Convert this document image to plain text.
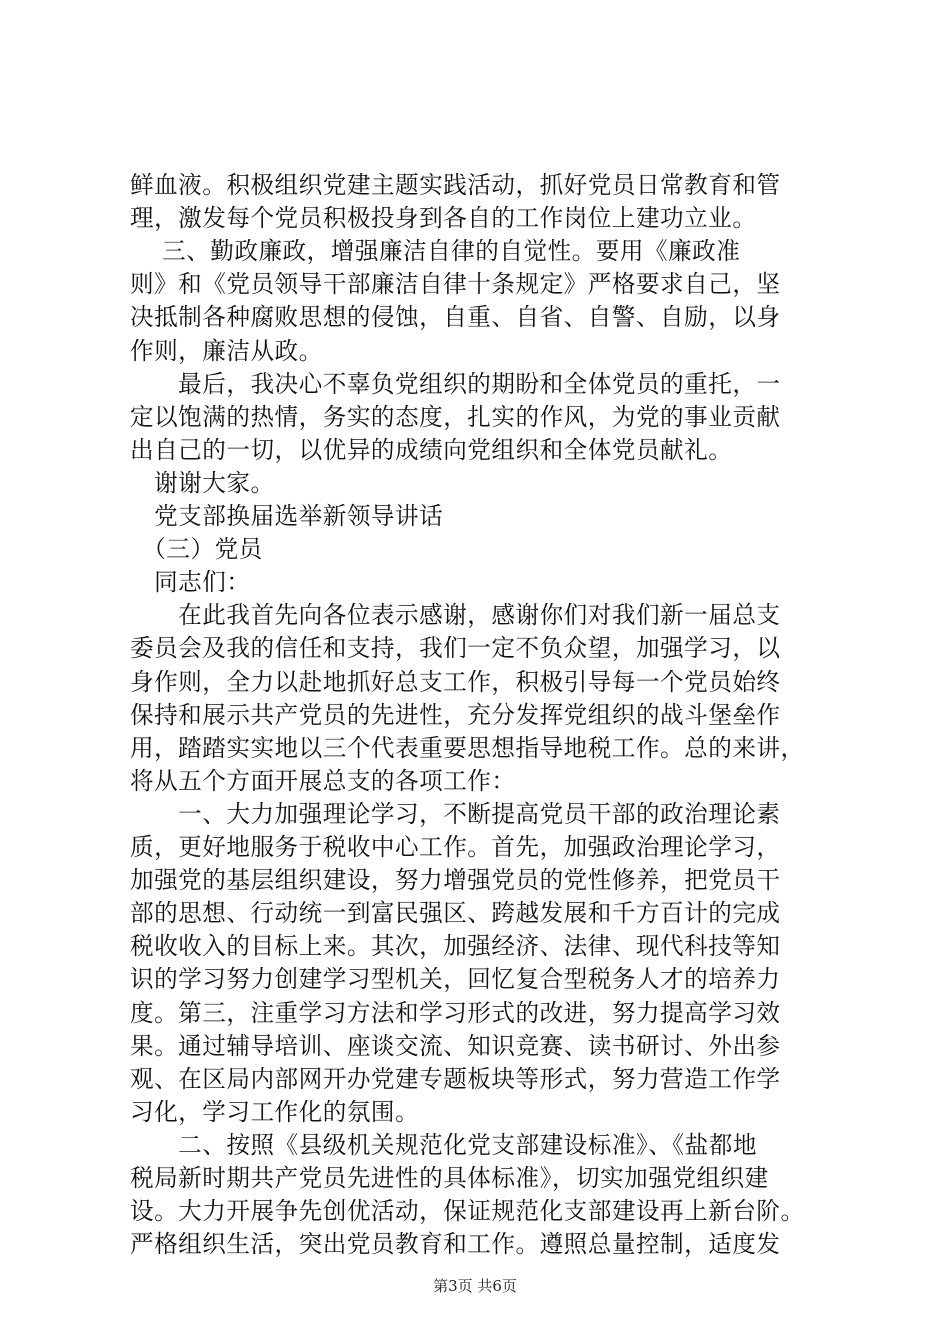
鲜血液。积极组织党建主题实践活动，抓好党员日常教育和管
理，激发每个党员积极投身到各自的工作岗位上建功立业。
　 三、勤政廉政，增强廉洁自律的自觉性。要用《廉政准
则》和《党员领导干部廉洁自律十条规定》严格要求自己，坚
决抵制各种腐败思想的侵蚀，自重、自省、自警、自励，以身
作则，廉洁从政。
　　最后，我决心不辜负党组织的期盼和全体党员的重托，一
定以饱满的热情，务实的态度，扎实的作风，为党的事业贡献
出自己的一切，以优异的成绩向党组织和全体党员献礼。
　谢谢大家。
　党支部换届选举新领导讲话
　（三）党员
　同志们：
　　在此我首先向各位表示感谢，感谢你们对我们新一届总支
委员会及我的信任和支持，我们一定不负众望，加强学习，以
身作则，全力以赴地抓好总支工作，积极引导每一个党员始终
保持和展示共产党员的先进性，充分发挥党组织的战斗堡垒作
用，踏踏实实地以三个代表重要思想指导地税工作。总的来讲，
将从五个方面开展总支的各项工作：
　　一、大力加强理论学习，不断提高党员干部的政治理论素
质，更好地服务于税收中心工作。首先，加强政治理论学习，
加强党的基层组织建设，努力增强党员的党性修养，把党员干
部的思想、行动统一到富民强区、跨越发展和千方百计的完成
税收收入的目标上来。其次，加强经济、法律、现代科技等知
识的学习努力创建学习型机关，回忆复合型税务人才的培养力
度。第三，注重学习方法和学习形式的改进，努力提高学习效
果。通过辅导培训、座谈交流、知识竞赛、读书研讨、外出参
观、在区局内部网开办党建专题板块等形式，努力营造工作学
习化，学习工作化的氛围。
　　二、按照《县级机关规范化党支部建设标准》、《盐都地
税局新时期共产党员先进性的具体标准》，切实加强党组织建
设。大力开展争先创优活动，保证规范化支部建设再上新台阶。
严格组织生活，突出党员教育和工作。遵照总量控制，适度发
第3页 共6页
